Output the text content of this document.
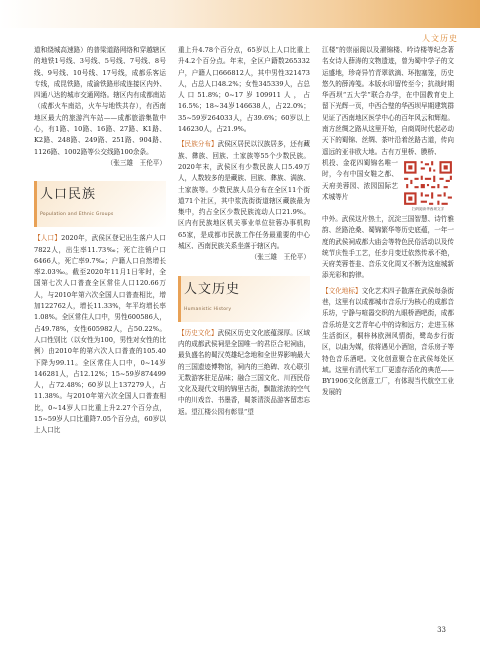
人文历史

道和绕城高速路）的普梁道路网络和穿越辖区的地铁1号线、3号线、5号线、7号线、8号线、9号线、10号线、17号线，成都乐客运专线，成昆铁路，成渝铁路形成连接区内外、四通八达的城市交通网络。辖区内有成都南站（成都火车南站，火车与地铁共存），有西南地区最大的旅游汽车站——成都旅游集散中心，有1路、10路、16路、27路、K1路、K2路、248路、249路、251路、904路、1126路、1002路等公交线路100余条。

（张三雄　王伦平）

人口民族
Population and Ethnic Groups

【人口】2020年，武侯区登记出生落户人口7822人，出生率11.73‰；死亡注销户口6466人，死亡率9.7‰；户籍人口自然增长率2.03‰。截至2020年11月1日零时，全国第七次人口普查全区常住人口120.66万人，与2010年第六次全国人口普查相比，增加122762人，增长11.33%，年平均增长率1.08%。全区常住人口中，男性600586人，占49.78%，女性605982人，占50.22%。人口性别比（以女性为100，男性对女性的比例）由2010年的第六次人口普查的105.40下降为99.11。全区常住人口中，0~14岁146281人，占12.12%；15~59岁874499人，占72.48%；60岁以上137279人，占11.38%。与2010年第六次全国人口普查相比，0~14岁人口比重上升2.27个百分点，15~59岁人口比重降7.05个百分点，60岁以上人口比

重上升4.78个百分点，65岁以上人口比重上升4.2个百分点。年末，全区户籍数265332户，户籍人口666812人，其中男性321473人，占总人口48.2%；女性345339人，占总人口51.8%；0~17岁109911人，占16.5%；18~34岁146638人，占22.0%；35~59岁264033人，占39.6%；60岁以上146230人，占21.9%。

【民族分布】武侯区居民以汉族居多，还有藏族、彝族、回族、土家族等55个少数民族。2020年末，武侯区有少数民族人口5.49万人，人数较多的是藏族、回族、彝族、满族、土家族等。少数民族人员分布在全区11个街道71个社区，其中浆洗街街道辖区藏族最为集中，约占全区少数民族流动人口21.9%。区内有民族地区机关事业单位驻蓉办事机构65家，是成都市民族工作任务最重要的中心城区、西南民族关系坐落于辖区内。

（张三雄　王伦平）

人文历史
Humanistic History

【历史文化】武侯区历史文化底蕴深厚。区域内的成都武侯祠是全国唯一的君臣合祀祠庙，最负盛名的蜀汉英雄纪念地和全世界影响最大的三国遗迹博物馆，祠内的三绝碑、攻心联引无数游客驻足品味；融合三国文化、川西民俗文化及现代文明的锦里古街，飘散浓浓的空气中的川戏音、书墨香，蜀茶清淡品游客留恋忘返。望江楼公园有彰显“望

江楼”的崇丽阁以及濯锦楼、吟诗楼等纪念著名女诗人薛涛的文物遗迹，曾为蜀中学子的文运盛地，珍奇异竹青翠欲滴、环抱塞笼，历史悠久的薛涛笺。本版水印留传至今；抗战时期华西坝“五大学”联合办学，在中国教育史上留下光辉一页，中西合璧的华西坝早期建筑群见证了西南地区医学中心的百年风云和辉煌。南方丝绸之路从这里开始，自商周时代起必动天下的蜀锦、丝绸、茶叶沿着丝路古道，传向遥远的亚非欧大地。古有万里桥、膜桥、

扫码阅读华西坝文字

机投、金花四蜀锦名唯一时，今有中国女鞋之都、天府美蓉园、浓园国际艺术城等片

中外。武侯这片热土，沉淀三国智慧、诗竹雅韵、丝路沧桑、蜀锦繁华等历史底蕴，一年一度的武侯祠成都大庙会等特色民俗活动以及传统节庆性手工艺，任步月变迁依然传承不绝，天府芙蓉苍韭、音乐文化周又不断为这座城新添光彩和韵律。

【文化地标】文化艺术四子散落在武侯每条街巷，这里有以成都城市音乐厅为核心的成都音乐坊，宁静与喧嚣交织的九眼桥酒吧街，成都音乐坊是文艺青年心中的诗和远方；走进玉林生活街区，桐梓林欧洲风情街，鹭岛步行街区，以曲为媒，依将遇见小酒馆，音乐房子等特色音乐酒吧。文化创意聚合在武侯每处区域。这里有清代军工厂更遗存活化的典范——BY1906文化创意工厂，有体现当代航空工业发展的

33
